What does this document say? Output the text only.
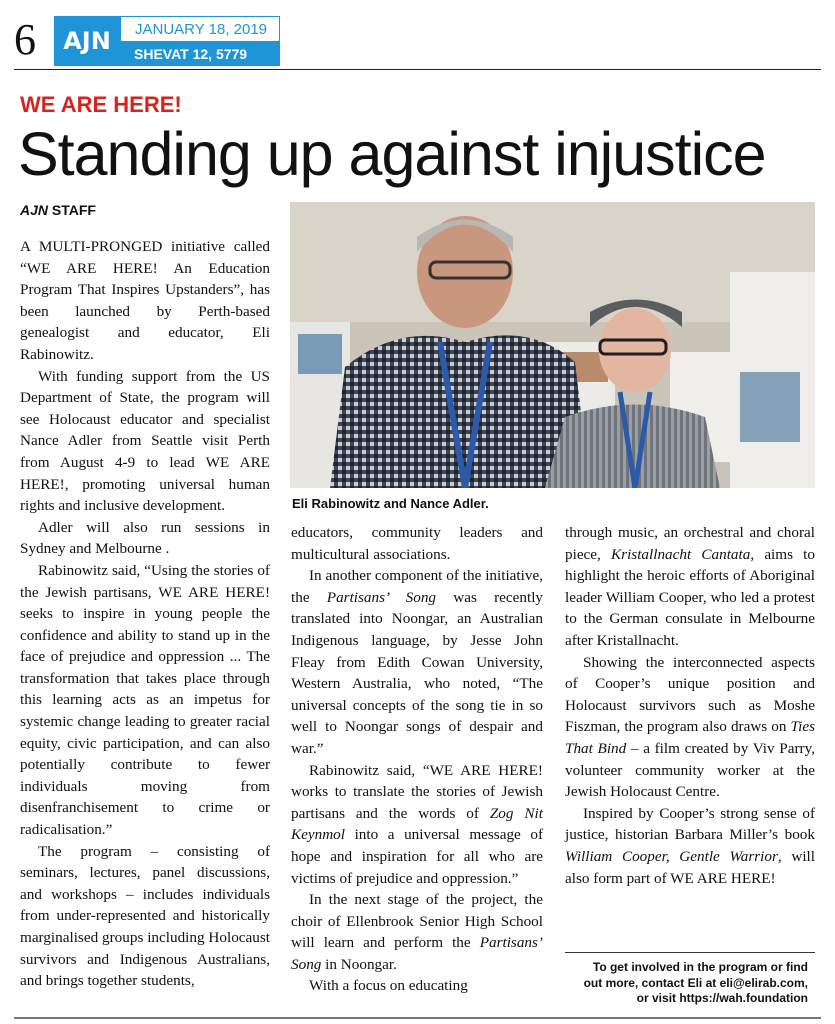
6	AJN	JANUARY 18, 2019
SHEVAT 12, 5779
WE ARE HERE!
Standing up against injustice
AJN STAFF

A MULTI-PRONGED initiative called “WE ARE HERE! An Education Program That Inspires Upstanders”, has been launched by Perth-based genealogist and educator, Eli Rabinowitz.

With funding support from the US Department of State, the program will see Holocaust educator and specialist Nance Adler from Seattle visit Perth from August 4-9 to lead WE ARE HERE!, promoting universal human rights and inclusive development.

Adler will also run sessions in Sydney and Melbourne .

Rabinowitz said, “Using the stories of the Jewish partisans, WE ARE HERE! seeks to inspire in young people the confidence and ability to stand up in the face of prejudice and oppression ... The transformation that takes place through this learning acts as an impetus for systemic change leading to greater racial equity, civic participation, and can also potentially contribute to fewer individuals moving from disenfranchisement to crime or radicalisation.”

The program – consisting of seminars, lectures, panel discussions, and workshops – includes individuals from under-represented and historically marginalised groups including Holocaust survivors and Indigenous Australians, and brings together students,

Eli Rabinowitz and Nance Adler.

educators, community leaders and multicultural associations.

In another component of the initiative, the Partisans’ Song was recently translated into Noongar, an Australian Indigenous language, by Jesse John Fleay from Edith Cowan University, Western Australia, who noted, “The universal concepts of the song tie in so well to Noongar songs of despair and war.”

Rabinowitz said, “WE ARE HERE! works to translate the stories of Jewish partisans and the words of Zog Nit Keynmol into a universal message of hope and inspiration for all who are victims of prejudice and oppression.”

In the next stage of the project, the choir of Ellenbrook Senior High School will learn and perform the Partisans’ Song in Noongar.

With a focus on educating

through music, an orchestral and choral piece, Kristallnacht Cantata, aims to highlight the heroic efforts of Aboriginal leader William Cooper, who led a protest to the German consulate in Melbourne after Kristallnacht.

Showing the interconnected aspects of Cooper’s unique position and Holocaust survivors such as Moshe Fiszman, the program also draws on Ties That Bind – a film created by Viv Parry, volunteer community worker at the Jewish Holocaust Centre.

Inspired by Cooper’s strong sense of justice, historian Barbara Miller’s book William Cooper, Gentle Warrior, will also form part of WE ARE HERE!

To get involved in the program or find
out more, contact Eli at eli@elirab.com,
or visit https://wah.foundation
